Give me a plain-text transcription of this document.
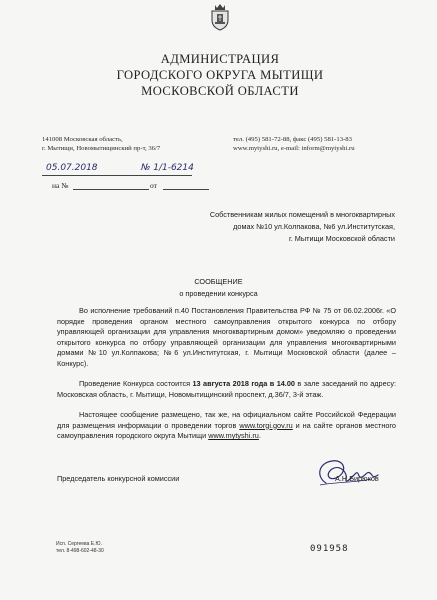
АДМИНИСТРАЦИЯ
ГОРОДСКОГО ОКРУГА МЫТИЩИ
МОСКОВСКОЙ ОБЛАСТИ
141008 Московская область,
г. Мытищи, Новомытищинский пр-т, 36/7
тел. (495) 581-72-88, факс (495) 581-13-83
www.mytyshi.ru, e-mail: inform@mytyshi.ru
05.07.2018	№ 1/1-6214
на №	от
Собственникам жилых помещений в многоквартирных
домах №10 ул.Колпакова, №6 ул.Институтская,
г. Мытищи Московской области
СООБЩЕНИЕ
о проведении конкурса

Во исполнение требований п.40 Постановления Правительства РФ № 75 от 06.02.2006г. «О порядке проведения органом местного самоуправления открытого конкурса по отбору управляющей организации для управления многоквартирным домом» уведомляю о проведении открытого конкурса по отбору управляющей организации для управления многоквартирными домами №10 ул.Колпакова; №6 ул.Институтская, г. Мытищи Московской области (далее – Конкурс).

Проведение Конкурса состоится 13 августа 2018 года в 14.00 в зале заседаний по адресу: Московская область, г. Мытищи, Новомытищинский проспект, д.36/7, 3-й этаж.

Настоящее сообщение размещено, так же, на официальном сайте Российской Федерации для размещения информации о проведении торгов www.torgi.gov.ru и на сайте органов местного самоуправления городского округа Мытищи www.mytyshi.ru.

Председатель конкурсной комиссии	А.Н.Бирюков
Исп. Сергеева Е.Ю.
тел. 8-498-602-48-30	091958
